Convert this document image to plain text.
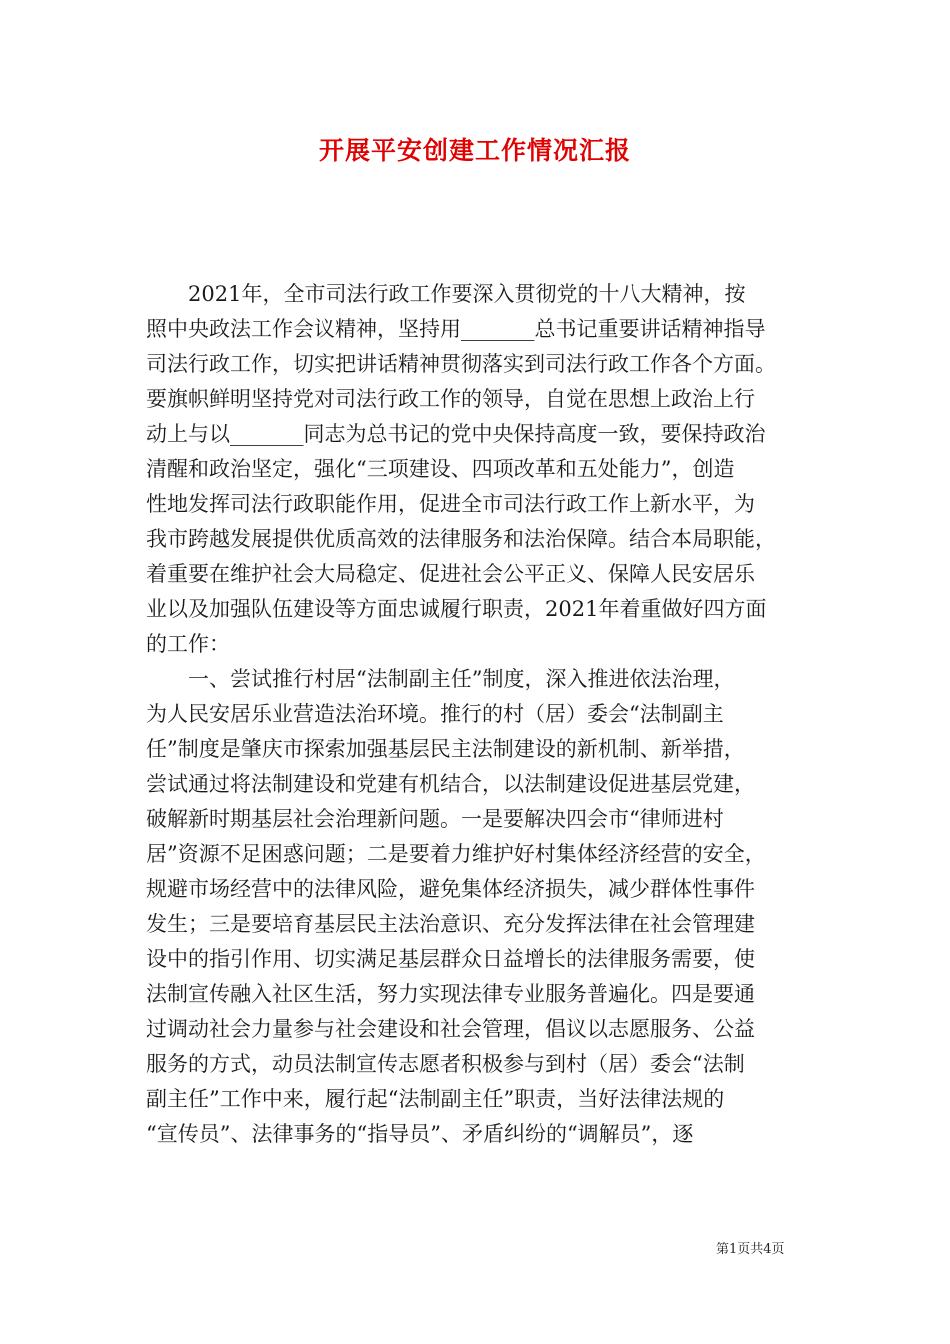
开展平安创建工作情况汇报
　　2021年，全市司法行政工作要深入贯彻党的十八大精神，按
照中央政法工作会议精神，坚持用_______总书记重要讲话精神指导
司法行政工作，切实把讲话精神贯彻落实到司法行政工作各个方面。
要旗帜鲜明坚持党对司法行政工作的领导，自觉在思想上政治上行
动上与以_______同志为总书记的党中央保持高度一致，要保持政治
清醒和政治坚定，强化“三项建设、四项改革和五处能力”，创造
性地发挥司法行政职能作用，促进全市司法行政工作上新水平，为
我市跨越发展提供优质高效的法律服务和法治保障。结合本局职能，
着重要在维护社会大局稳定、促进社会公平正义、保障人民安居乐
业以及加强队伍建设等方面忠诚履行职责，2021年着重做好四方面
的工作：
　　一、尝试推行村居“法制副主任”制度，深入推进依法治理，
为人民安居乐业营造法治环境。推行的村（居）委会“法制副主
任”制度是肇庆市探索加强基层民主法制建设的新机制、新举措，
尝试通过将法制建设和党建有机结合，以法制建设促进基层党建，
破解新时期基层社会治理新问题。一是要解决四会市“律师进村
居”资源不足困惑问题；二是要着力维护好村集体经济经营的安全，
规避市场经营中的法律风险，避免集体经济损失，减少群体性事件
发生；三是要培育基层民主法治意识、充分发挥法律在社会管理建
设中的指引作用、切实满足基层群众日益增长的法律服务需要，使
法制宣传融入社区生活，努力实现法律专业服务普遍化。四是要通
过调动社会力量参与社会建设和社会管理，倡议以志愿服务、公益
服务的方式，动员法制宣传志愿者积极参与到村（居）委会“法制
副主任”工作中来，履行起“法制副主任”职责，当好法律法规的
“宣传员”、法律事务的“指导员”、矛盾纠纷的“调解员”，逐
第1页共4页
